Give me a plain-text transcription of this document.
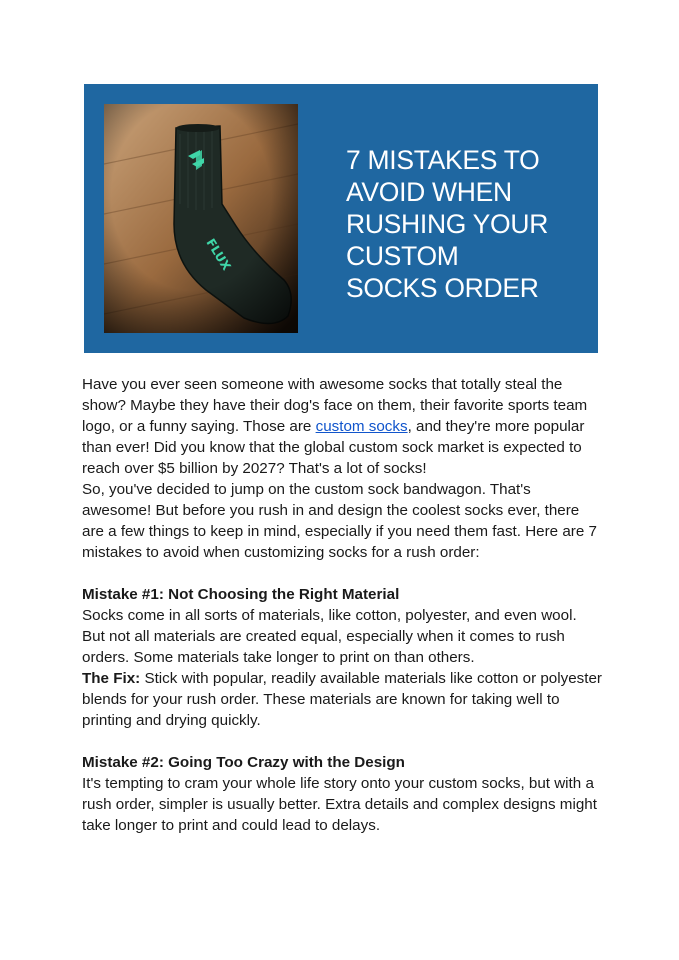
7 MISTAKES TO
AVOID WHEN
RUSHING YOUR
CUSTOM
SOCKS ORDER

Have you ever seen someone with awesome socks that totally steal the show? Maybe they have their dog's face on them, their favorite sports team logo, or a funny saying. Those are custom socks, and they're more popular than ever! Did you know that the global custom sock market is expected to reach over $5 billion by 2027? That's a lot of socks!

So, you've decided to jump on the custom sock bandwagon. That's awesome! But before you rush in and design the coolest socks ever, there are a few things to keep in mind, especially if you need them fast. Here are 7 mistakes to avoid when customizing socks for a rush order:

Mistake #1: Not Choosing the Right Material

Socks come in all sorts of materials, like cotton, polyester, and even wool. But not all materials are created equal, especially when it comes to rush orders. Some materials take longer to print on than others.

The Fix: Stick with popular, readily available materials like cotton or polyester blends for your rush order. These materials are known for taking well to printing and drying quickly.

Mistake #2: Going Too Crazy with the Design

It's tempting to cram your whole life story onto your custom socks, but with a rush order, simpler is usually better. Extra details and complex designs might take longer to print and could lead to delays.
